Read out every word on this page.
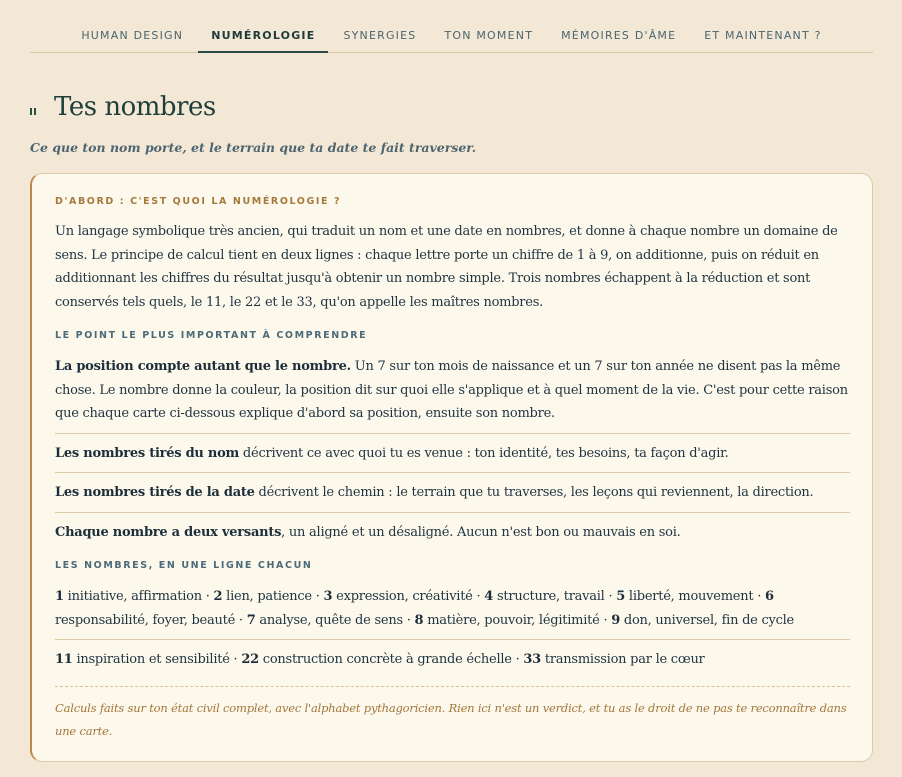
HUMAN DESIGN	NUMÉROLOGIE	SYNERGIES	TON MOMENT	MÉMOIRES D'ÂME	ET MAINTENANT ?
Tes nombres
Ce que ton nom porte, et le terrain que ta date te fait traverser.
D'ABORD : C'EST QUOI LA NUMÉROLOGIE ?

Un langage symbolique très ancien, qui traduit un nom et une date en nombres, et donne à chaque nombre un domaine de sens. Le principe de calcul tient en deux lignes : chaque lettre porte un chiffre de 1 à 9, on additionne, puis on réduit en additionnant les chiffres du résultat jusqu'à obtenir un nombre simple. Trois nombres échappent à la réduction et sont conservés tels quels, le 11, le 22 et le 33, qu'on appelle les maîtres nombres.

LE POINT LE PLUS IMPORTANT À COMPRENDRE

La position compte autant que le nombre. Un 7 sur ton mois de naissance et un 7 sur ton année ne disent pas la même chose. Le nombre donne la couleur, la position dit sur quoi elle s'applique et à quel moment de la vie. C'est pour cette raison que chaque carte ci-dessous explique d'abord sa position, ensuite son nombre.

Les nombres tirés du nom décrivent ce avec quoi tu es venue : ton identité, tes besoins, ta façon d'agir.

Les nombres tirés de la date décrivent le chemin : le terrain que tu traverses, les leçons qui reviennent, la direction.

Chaque nombre a deux versants, un aligné et un désaligné. Aucun n'est bon ou mauvais en soi.

LES NOMBRES, EN UNE LIGNE CHACUN

1 initiative, affirmation · 2 lien, patience · 3 expression, créativité · 4 structure, travail · 5 liberté, mouvement · 6 responsabilité, foyer, beauté · 7 analyse, quête de sens · 8 matière, pouvoir, légitimité · 9 don, universel, fin de cycle

11 inspiration et sensibilité · 22 construction concrète à grande échelle · 33 transmission par le cœur

Calculs faits sur ton état civil complet, avec l'alphabet pythagoricien. Rien ici n'est un verdict, et tu as le droit de ne pas te reconnaître dans une carte.
